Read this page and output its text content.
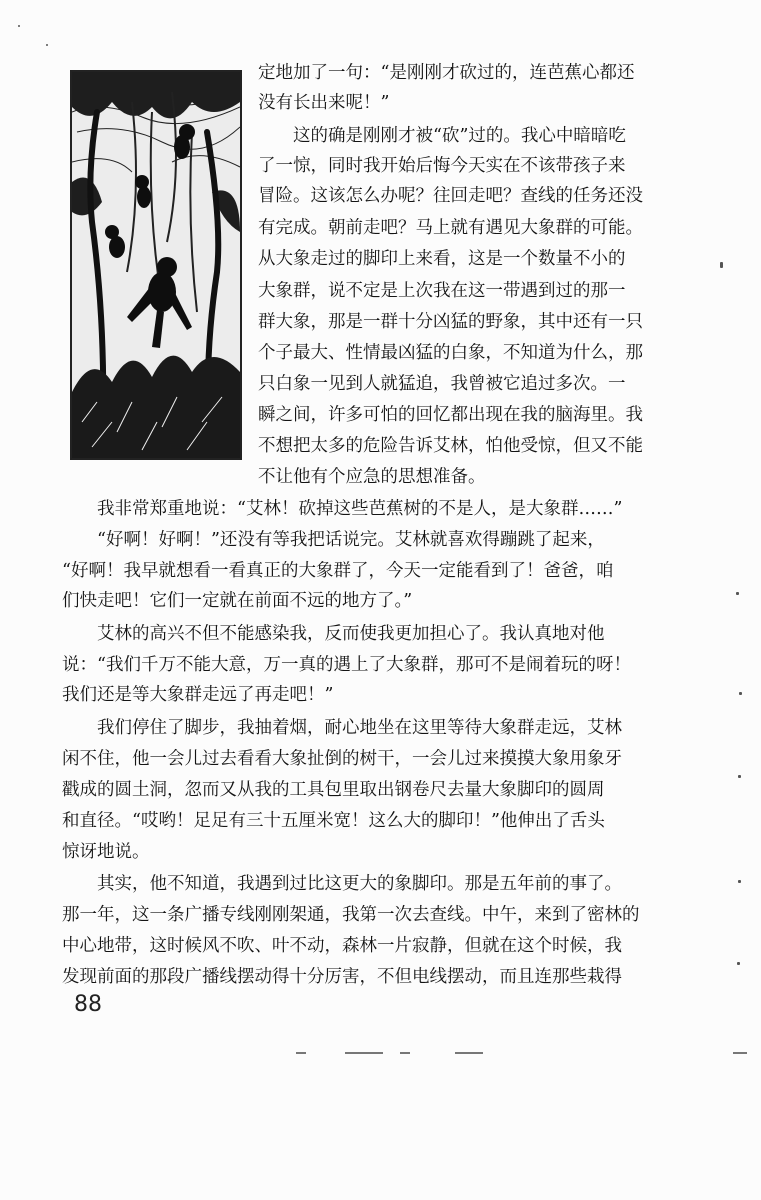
定地加了一句：“是刚刚才砍过的，连芭蕉心都还
没有长出来呢！”
　　这的确是刚刚才被“砍”过的。我心中暗暗吃
了一惊，同时我开始后悔今天实在不该带孩子来
冒险。这该怎么办呢？往回走吧？查线的任务还没
有完成。朝前走吧？马上就有遇见大象群的可能。
从大象走过的脚印上来看，这是一个数量不小的
大象群，说不定是上次我在这一带遇到过的那一
群大象，那是一群十分凶猛的野象，其中还有一只
个子最大、性情最凶猛的白象，不知道为什么，那
只白象一见到人就猛追，我曾被它追过多次。一
瞬之间，许多可怕的回忆都出现在我的脑海里。我
不想把太多的危险告诉艾林，怕他受惊，但又不能
不让他有个应急的思想准备。
　　我非常郑重地说：“艾林！砍掉这些芭蕉树的不是人，是大象群……”
　　“好啊！好啊！”还没有等我把话说完。艾林就喜欢得蹦跳了起来，
“好啊！我早就想看一看真正的大象群了，今天一定能看到了！爸爸，咱
们快走吧！它们一定就在前面不远的地方了。”
　　艾林的高兴不但不能感染我，反而使我更加担心了。我认真地对他
说：“我们千万不能大意，万一真的遇上了大象群，那可不是闹着玩的呀！
我们还是等大象群走远了再走吧！”
　　我们停住了脚步，我抽着烟，耐心地坐在这里等待大象群走远，艾林
闲不住，他一会儿过去看看大象扯倒的树干，一会儿过来摸摸大象用象牙
戳成的圆土洞，忽而又从我的工具包里取出钢卷尺去量大象脚印的圆周
和直径。“哎哟！足足有三十五厘米宽！这么大的脚印！”他伸出了舌头
惊讶地说。
　　其实，他不知道，我遇到过比这更大的象脚印。那是五年前的事了。
那一年，这一条广播专线刚刚架通，我第一次去查线。中午，来到了密林的
中心地带，这时候风不吹、叶不动，森林一片寂静，但就在这个时候，我
发现前面的那段广播线摆动得十分厉害，不但电线摆动，而且连那些栽得
88
